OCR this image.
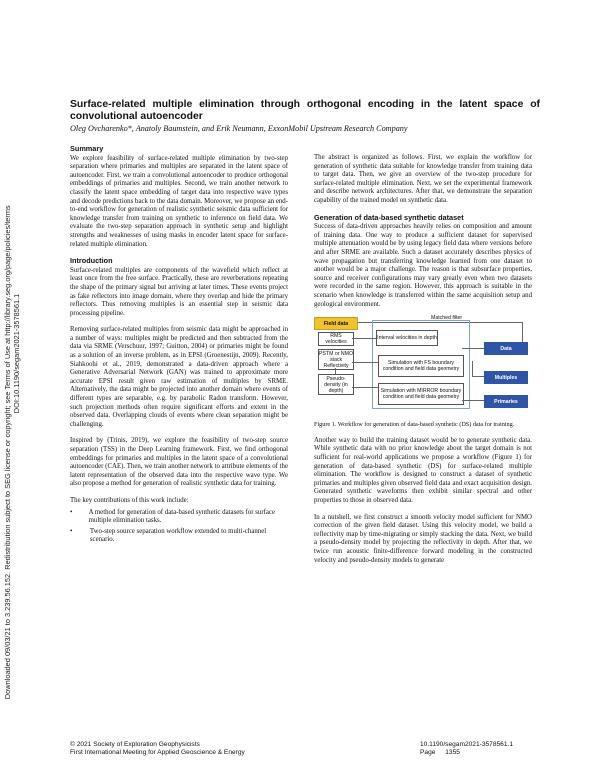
Downloaded 09/03/21 to 3.239.56.152. Redistribution subject to SEG license or copyright; see Terms of Use at http://library.seg.org/page/policies/terms DOI:10.1190/segam2021-3578561.1
Surface-related multiple elimination through orthogonal encoding in the latent space of convolutional autoencoder
Oleg Ovcharenko*, Anatoly Baumstein, and Erik Neumann, ExxonMobil Upstream Research Company
Summary

We explore feasibility of surface-related multiple elimination by two-step separation where primaries and multiples are separated in the latent space of autoencoder. First, we train a convolutional autoencoder to produce orthogonal embeddings of primaries and multiples. Second, we train another network to classify the latent space embedding of target data into respective wave types and decode predictions back to the data domain. Moreover, we propose an end-to-end workflow for generation of realistic synthetic seismic data sufficient for knowledge transfer from training on synthetic to inference on field data. We evaluate the two-step separation approach in synthetic setup and highlight strengths and weaknesses of using masks in encoder latent space for surface-related multiple elimination.

Introduction

Surface-related multiples are components of the wavefield which reflect at least once from the free surface. Practically, these are reverberations repeating the shape of the primary signal but arriving at later times. These events project as fake reflectors into image domain, where they overlap and hide the primary reflectors. Thus removing multiples is an essential step in seismic data processing pipeline.

Removing surface-related multiples from seismic data might be approached in a number of ways: multiples might be predicted and then subtracted from the data via SRME (Verschuur, 1997; Guitton, 2004) or primaries might be found as a solution of an inverse problem, as in EPSI (Groenestijn, 2009). Recently, Siahkoohi et al., 2019, demonstrated a data-driven approach where a Generative Adversarial Network (GAN) was trained to approximate more accurate EPSI result given raw estimation of multiples by SRME. Alternatively, the data might be projected into another domain where events of different types are separable, e.g. by parabolic Radon transform. However, such projection methods often require significant efforts and extent in the observed data. Overlapping clouds of events where clean separation might be challenging.

Inspired by (Trinis, 2019), we explore the feasibility of two-step source separation (TSS) in the Deep Learning framework. First, we find orthogonal embeddings for primaries and multiples in the latent space of a convolutional autoencoder (CAE). Then, we train another network to attribute elements of the latent representation of the observed data into the respective wave type. We also propose a method for generation of realistic synthetic data for training.

The key contributions of this work include:

•	A method for generation of data-based synthetic datasets for surface multiple elimination tasks.
•	Two-step source separation workflow extended to multi-channel scenario.

The abstract is organized as follows. First, we explain the workflow for generation of synthetic data suitable for knowledge transfer from training data to target data. Then, we give an overview of the two-step procedure for surface-related multiple elimination. Next, we set the experimental framework and describe network architectures. After that, we demonstrate the separation capability of the trained model on synthetic data.

Generation of data-based synthetic dataset

Success of data-driven approaches heavily relies on composition and amount of training data. One way to produce a sufficient dataset for supervised multiple attenuation would be by using legacy field data where versions before and after SRME are available. Such a dataset accurately describes physics of wave propagation but transferring knowledge learned from one dataset to another would be a major challenge. The reason is that subsurface properties, source and receiver configurations may vary greatly even when two datasets were recorded in the same region. However, this approach is suitable in the scenario when knowledge is transferred within the same acquisition setup and geological environment.

Field data
Matched filter
RMS velocities
Interval velocities in depth
PSTM or NMO stack Reflectivity
Pseudo-density (in depth)
Simulation with FS boundary condition and field data geometry
Simulation with MIRROR boundary condition and field data geometry
Data
Multiples
Primaries

Figure 1. Workflow for generation of data-based synthetic (DS) data for training.

Another way to build the training dataset would be to generate synthetic data. While synthetic data with no prior knowledge about the target domain is not sufficient for real-world applications we propose a workflow (Figure 1) for generation of data-based synthetic (DS) for surface-related multiple elimination. The workflow is designed to construct a dataset of synthetic primaries and multiples given observed field data and exact acquisition design. Generated synthetic waveforms then exhibit similar spectral and other properties to those in observed data.

In a nutshell, we first construct a smooth velocity model sufficient for NMO correction of the given field dataset. Using this velocity model, we build a reflectivity map by time-migrating or simply stacking the data. Next, we build a pseudo-density model by projecting the reflectivity in depth. After that, we twice run acoustic finite-difference forward modeling in the constructed velocity and pseudo-density models to generate

© 2021 Society of Exploration Geophysicists
First International Meeting for Applied Geoscience & Energy
10.1190/segam2021-3578561.1
Page 1355
